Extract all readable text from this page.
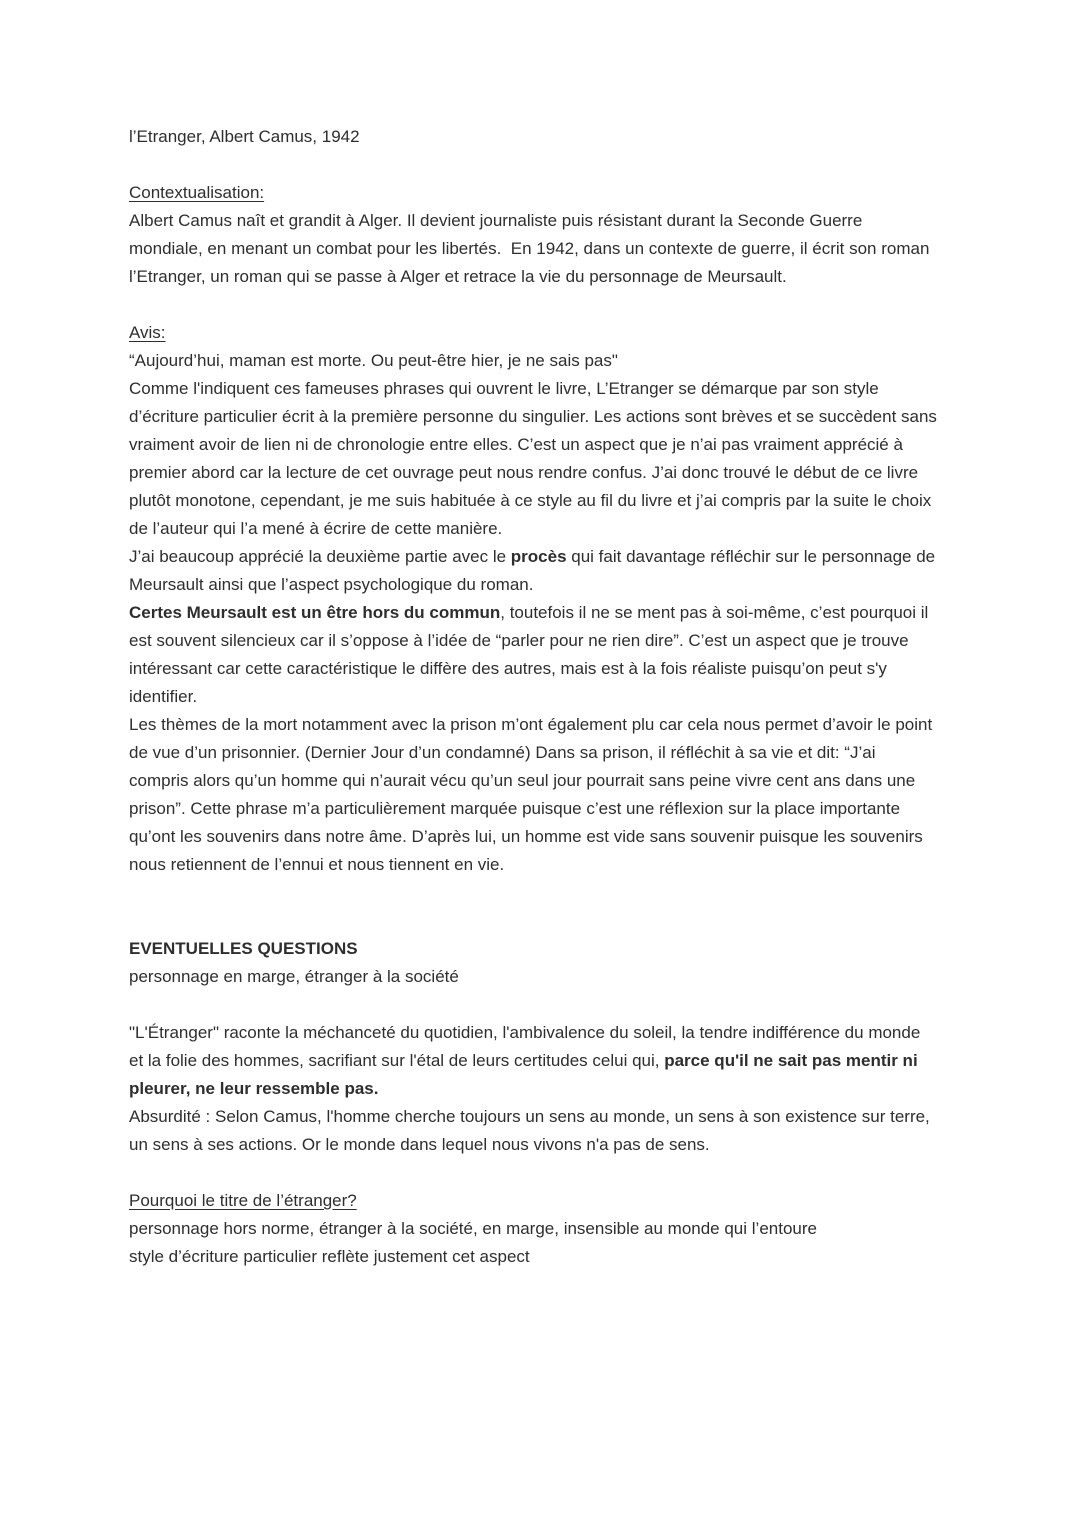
l’Etranger, Albert Camus, 1942

Contextualisation:

Albert Camus naît et grandit à Alger. Il devient journaliste puis résistant durant la Seconde Guerre mondiale, en menant un combat pour les libertés.  En 1942, dans un contexte de guerre, il écrit son roman l’Etranger, un roman qui se passe à Alger et retrace la vie du personnage de Meursault.

Avis:

“Aujourd’hui, maman est morte. Ou peut-être hier, je ne sais pas"

Comme l'indiquent ces fameuses phrases qui ouvrent le livre, L’Etranger se démarque par son style d’écriture particulier écrit à la première personne du singulier. Les actions sont brèves et se succèdent sans vraiment avoir de lien ni de chronologie entre elles. C’est un aspect que je n’ai pas vraiment apprécié à premier abord car la lecture de cet ouvrage peut nous rendre confus. J’ai donc trouvé le début de ce livre plutôt monotone, cependant, je me suis habituée à ce style au fil du livre et j’ai compris par la suite le choix de l’auteur qui l’a mené à écrire de cette manière.

J’ai beaucoup apprécié la deuxième partie avec le procès qui fait davantage réfléchir sur le personnage de Meursault ainsi que l’aspect psychologique du roman.

Certes Meursault est un être hors du commun, toutefois il ne se ment pas à soi-même, c’est pourquoi il est souvent silencieux car il s’oppose à l’idée de “parler pour ne rien dire”. C’est un aspect que je trouve intéressant car cette caractéristique le diffère des autres, mais est à la fois réaliste puisqu’on peut s'y identifier.

Les thèmes de la mort notamment avec la prison m’ont également plu car cela nous permet d’avoir le point de vue d’un prisonnier. (Dernier Jour d’un condamné) Dans sa prison, il réfléchit à sa vie et dit: “J’ai compris alors qu’un homme qui n’aurait vécu qu’un seul jour pourrait sans peine vivre cent ans dans une prison”. Cette phrase m’a particulièrement marquée puisque c’est une réflexion sur la place importante qu’ont les souvenirs dans notre âme. D’après lui, un homme est vide sans souvenir puisque les souvenirs nous retiennent de l’ennui et nous tiennent en vie.

EVENTUELLES QUESTIONS

personnage en marge, étranger à la société

"L'Étranger" raconte la méchanceté du quotidien, l'ambivalence du soleil, la tendre indifférence du monde et la folie des hommes, sacrifiant sur l'étal de leurs certitudes celui qui, parce qu'il ne sait pas mentir ni pleurer, ne leur ressemble pas.

Absurdité : Selon Camus, l'homme cherche toujours un sens au monde, un sens à son existence sur terre, un sens à ses actions. Or le monde dans lequel nous vivons n'a pas de sens.

Pourquoi le titre de l’étranger?

personnage hors norme, étranger à la société, en marge, insensible au monde qui l’entoure

style d’écriture particulier reflète justement cet aspect
